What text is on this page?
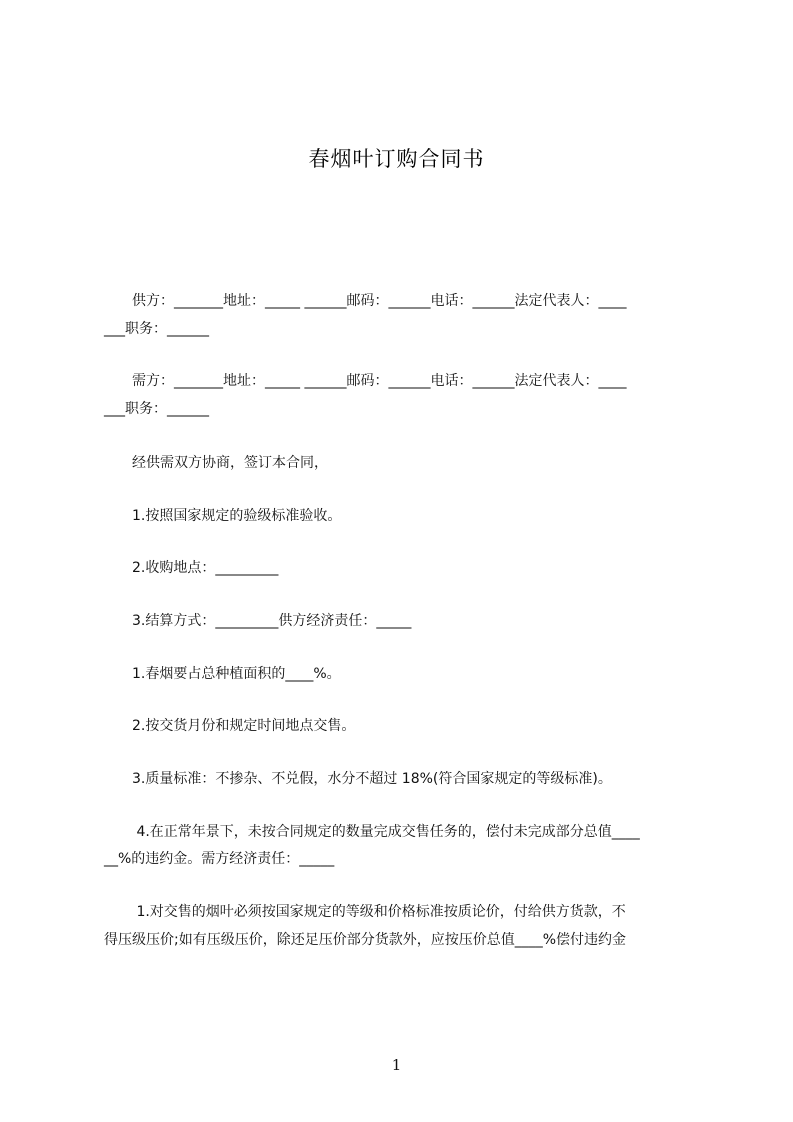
春烟叶订购合同书

　　供方：_______地址：_____ ______邮码：______电话：______法定代表人：____

___职务：______

　　需方：_______地址：_____ ______邮码：______电话：______法定代表人：____

___职务：______

　　经供需双方协商，签订本合同，

　　1.按照国家规定的验级标准验收。

　　2.收购地点：_________

　　3.结算方式：_________供方经济责任：_____

　　1.春烟要占总种植面积的____%。

　　2.按交货月份和规定时间地点交售。

　　3.质量标准：不掺杂、不兑假，水分不超过 18%(符合国家规定的等级标准)。

　　 4.在正常年景下，未按合同规定的数量完成交售任务的，偿付未完成部分总值____

__%的违约金。需方经济责任：_____

　　 1.对交售的烟叶必须按国家规定的等级和价格标准按质论价，付给供方货款，不

得压级压价;如有压级压价，除还足压价部分货款外，应按压价总值____%偿付违约金

1
